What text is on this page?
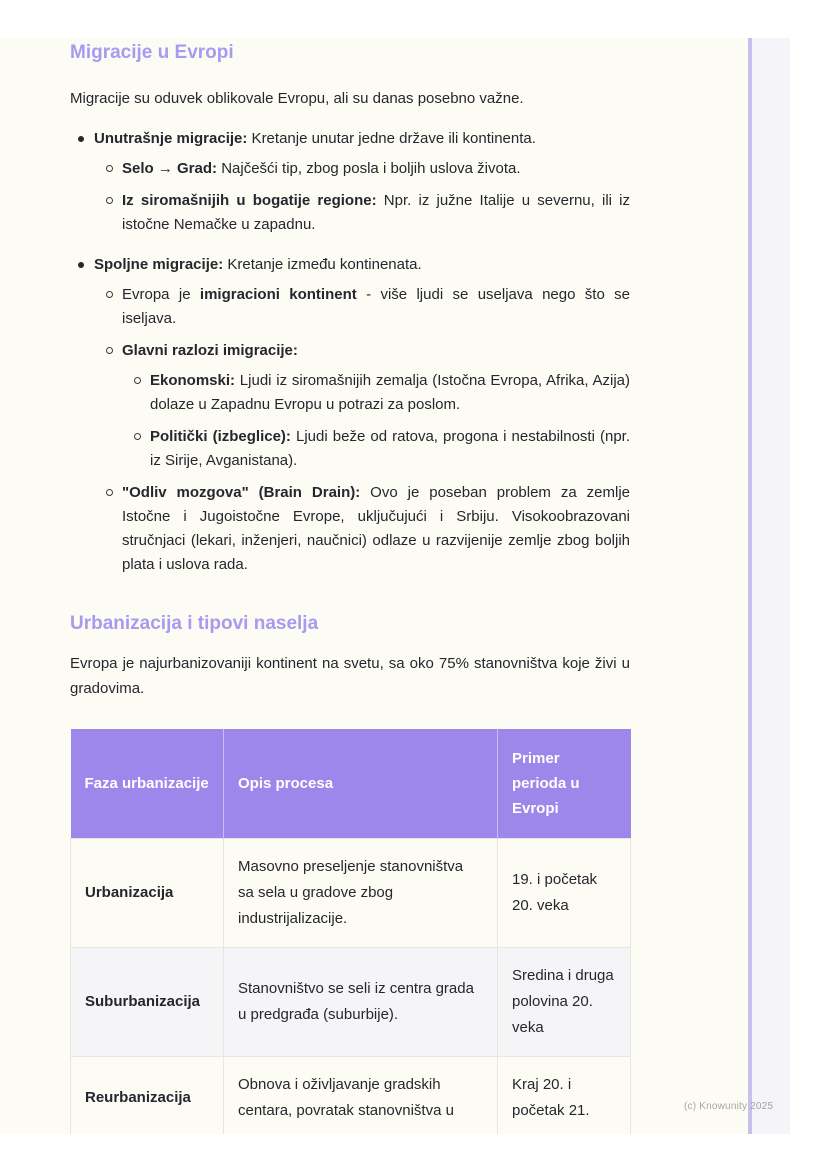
Migracije u Evropi

Migracije su oduvek oblikovale Evropu, ali su danas posebno važne.

Unutrašnje migracije: Kretanje unutar jedne države ili kontinenta.
Selo → Grad: Najčešći tip, zbog posla i boljih uslova života.
Iz siromašnijih u bogatije regione: Npr. iz južne Italije u severnu, ili iz istočne Nemačke u zapadnu.
Spoljne migracije: Kretanje između kontinenata.
Evropa je imigracioni kontinent - više ljudi se useljava nego što se iseljava.
Glavni razlozi imigracije:
Ekonomski: Ljudi iz siromašnijih zemalja (Istočna Evropa, Afrika, Azija) dolaze u Zapadnu Evropu u potrazi za poslom.
Politički (izbeglice): Ljudi beže od ratova, progona i nestabilnosti (npr. iz Sirije, Avganistana).
"Odliv mozgova" (Brain Drain): Ovo je poseban problem za zemlje Istočne i Jugoistočne Evrope, uključujući i Srbiju. Visokoobrazovani stručnjaci (lekari, inženjeri, naučnici) odlaze u razvijenije zemlje zbog boljih plata i uslova rada.
Urbanizacija i tipovi naselja

Evropa je najurbanizovaniji kontinent na svetu, sa oko 75% stanovništva koje živi u gradovima.

Faza urbanizacije	Opis procesa	Primer perioda u Evropi
Urbanizacija	Masovno preseljenje stanovništva sa sela u gradove zbog industrijalizacije.	19. i početak 20. veka
Suburbanizacija	Stanovništvo se seli iz centra grada u predgrađa (suburbije).	Sredina i druga polovina 20. veka
Reurbanizacija	Obnova i oživljavanje gradskih centara, povratak stanovništva u	Kraj 20. i početak 21.	(c) Knowunity 2025
